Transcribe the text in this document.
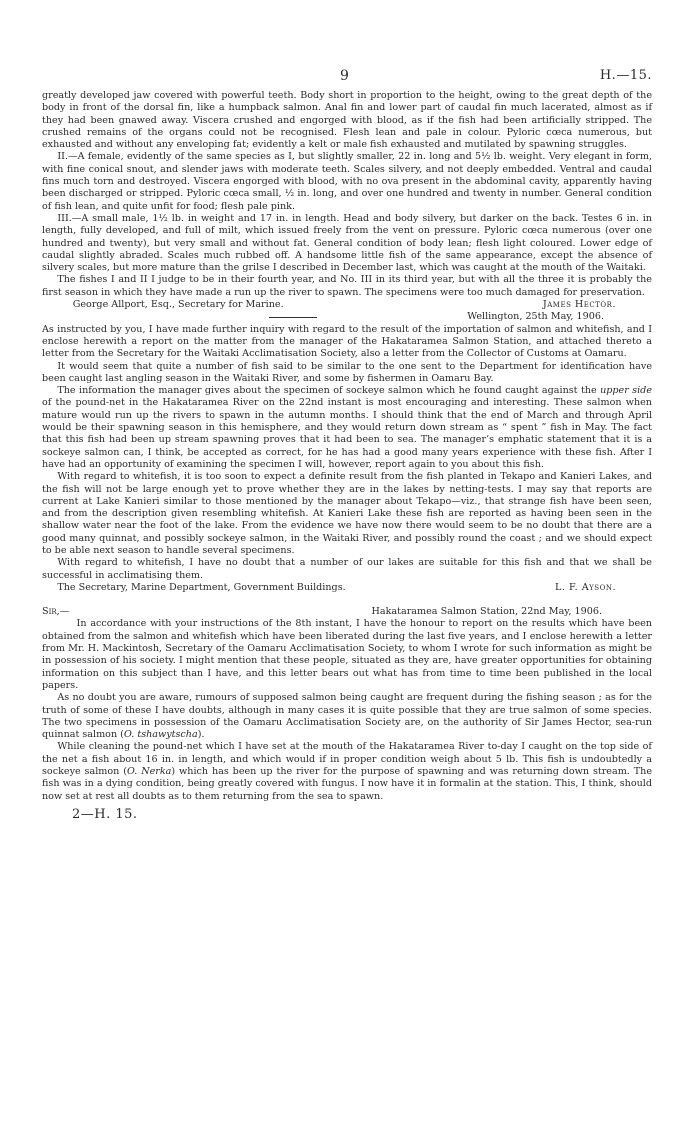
9	H.—15.

greatly developed jaw covered with powerful teeth. Body short in proportion to the height, owing to the great depth of the body in front of the dorsal fin, like a humpback salmon. Anal fin and lower part of caudal fin much lacerated, almost as if they had been gnawed away. Viscera crushed and engorged with blood, as if the fish had been artificially stripped. The crushed remains of the organs could not be recognised. Flesh lean and pale in colour. Pyloric cœca numerous, but exhausted and without any enveloping fat; evidently a kelt or male fish exhausted and mutilated by spawning struggles.

II.—A female, evidently of the same species as I, but slightly smaller, 22 in. long and 5½ lb. weight. Very elegant in form, with fine conical snout, and slender jaws with moderate teeth. Scales silvery, and not deeply embedded. Ventral and caudal fins much torn and destroyed. Viscera engorged with blood, with no ova present in the abdominal cavity, apparently having been discharged or stripped. Pyloric cœca small, ½ in. long, and over one hundred and twenty in number. General condition of fish lean, and quite unfit for food; flesh pale pink.

III.—A small male, 1½ lb. in weight and 17 in. in length. Head and body silvery, but darker on the back. Testes 6 in. in length, fully developed, and full of milt, which issued freely from the vent on pressure. Pyloric cœca numerous (over one hundred and twenty), but very small and without fat. General condition of body lean; flesh light coloured. Lower edge of caudal slightly abraded. Scales much rubbed off. A handsome little fish of the same appearance, except the absence of silvery scales, but more mature than the grilse I described in December last, which was caught at the mouth of the Waitaki.

The fishes I and II I judge to be in their fourth year, and No. III in its third year, but with all the three it is probably the first season in which they have made a run up the river to spawn. The specimens were too much damaged for preservation.

George Allport, Esq., Secretary for Marine.	James Hector.
Wellington, 25th May, 1906.

As instructed by you, I have made further inquiry with regard to the result of the importation of salmon and whitefish, and I enclose herewith a report on the matter from the manager of the Hakataramea Salmon Station, and attached thereto a letter from the Secretary for the Waitaki Acclimatisation Society, also a letter from the Collector of Customs at Oamaru.

It would seem that quite a number of fish said to be similar to the one sent to the Department for identification have been caught last angling season in the Waitaki River, and some by fishermen in Oamaru Bay.

The information the manager gives about the specimen of sockeye salmon which he found caught against the upper side of the pound-net in the Hakataramea River on the 22nd instant is most encouraging and interesting. These salmon when mature would run up the rivers to spawn in the autumn months. I should think that the end of March and through April would be their spawning season in this hemisphere, and they would return down stream as “ spent ” fish in May. The fact that this fish had been up stream spawning proves that it had been to sea. The manager’s emphatic statement that it is a sockeye salmon can, I think, be accepted as correct, for he has had a good many years experience with these fish. After I have had an opportunity of examining the specimen I will, however, report again to you about this fish.

With regard to whitefish, it is too soon to expect a definite result from the fish planted in Tekapo and Kanieri Lakes, and the fish will not be large enough yet to prove whether they are in the lakes by netting-tests. I may say that reports are current at Lake Kanieri similar to those mentioned by the manager about Tekapo—viz., that strange fish have been seen, and from the description given resembling whitefish. At Kanieri Lake these fish are reported as having been seen in the shallow water near the foot of the lake. From the evidence we have now there would seem to be no doubt that there are a good many quinnat, and possibly sockeye salmon, in the Waitaki River, and possibly round the coast ; and we should expect to be able next season to handle several specimens.

With regard to whitefish, I have no doubt that a number of our lakes are suitable for this fish and that we shall be successful in acclimatising them.

The Secretary, Marine Department, Government Buildings.	L. F. Ayson.
Sir,—	Hakataramea Salmon Station, 22nd May, 1906.

In accordance with your instructions of the 8th instant, I have the honour to report on the results which have been obtained from the salmon and whitefish which have been liberated during the last five years, and I enclose herewith a letter from Mr. H. Mackintosh, Secretary of the Oamaru Acclimatisation Society, to whom I wrote for such information as might be in possession of his society. I might mention that these people, situated as they are, have greater opportunities for obtaining information on this subject than I have, and this letter bears out what has from time to time been published in the local papers.

As no doubt you are aware, rumours of supposed salmon being caught are frequent during the fishing season ; as for the truth of some of these I have doubts, although in many cases it is quite possible that they are true salmon of some species. The two specimens in possession of the Oamaru Acclimatisation Society are, on the authority of Sir James Hector, sea-run quinnat salmon (O. tshawytscha).

While cleaning the pound-net which I have set at the mouth of the Hakataramea River to-day I caught on the top side of the net a fish about 16 in. in length, and which would if in proper condition weigh about 5 lb. This fish is undoubtedly a sockeye salmon (O. Nerka) which has been up the river for the purpose of spawning and was returning down stream. The fish was in a dying condition, being greatly covered with fungus. I now have it in formalin at the station. This, I think, should now set at rest all doubts as to them returning from the sea to spawn.

2—H. 15.
